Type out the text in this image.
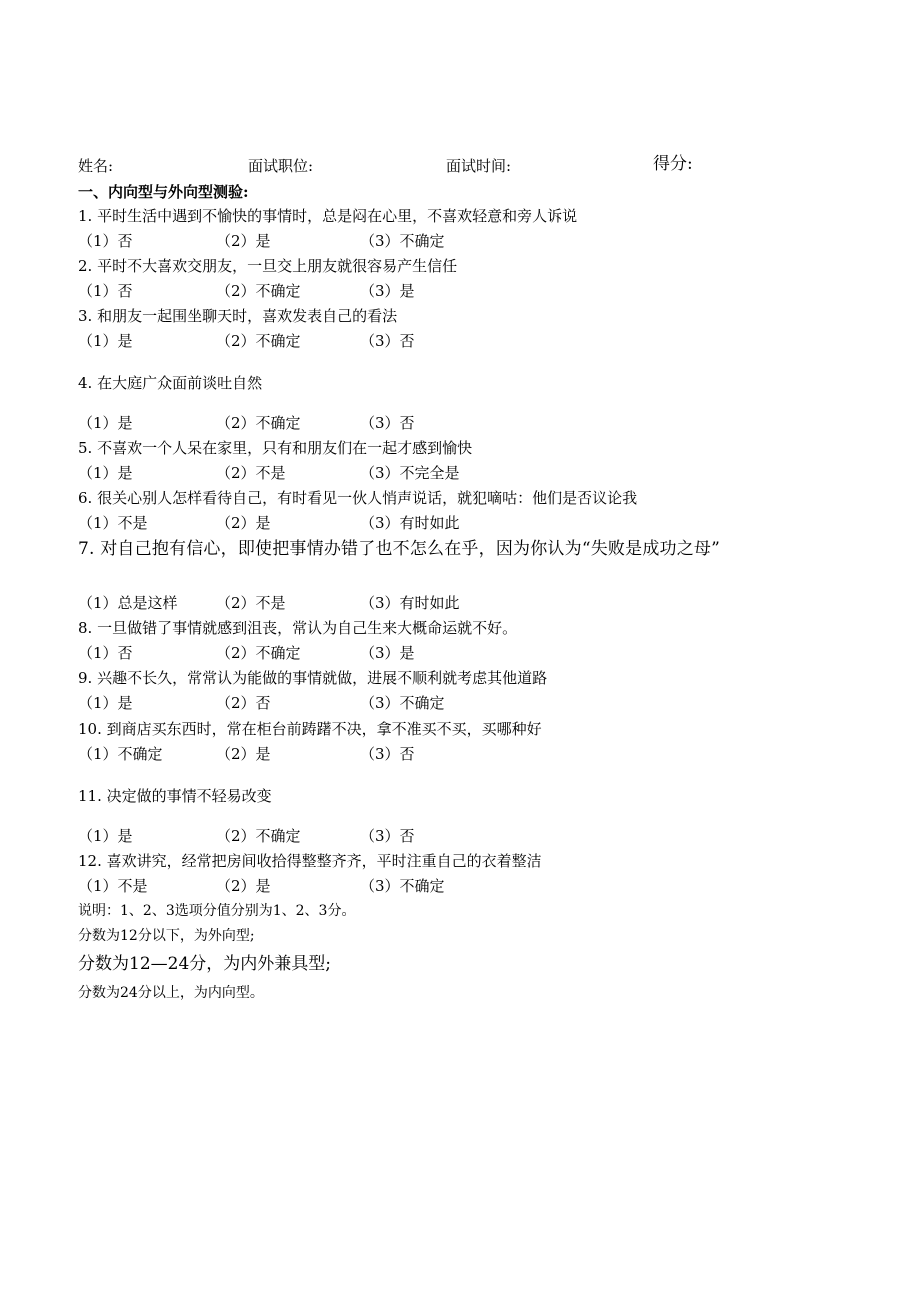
姓名:	面试职位:	面试时间:	得分:
一、内向型与外向型测验:
1. 平时生活中遇到不愉快的事情时，总是闷在心里，不喜欢轻意和旁人诉说
（1）否	（2）是	（3）不确定
2. 平时不大喜欢交朋友，一旦交上朋友就很容易产生信任
（1）否	（2）不确定	（3）是
3. 和朋友一起围坐聊天时，喜欢发表自己的看法
（1）是	（2）不确定	（3）否
4. 在大庭广众面前谈吐自然
（1）是	（2）不确定	（3）否
5. 不喜欢一个人呆在家里，只有和朋友们在一起才感到愉快
（1）是	（2）不是	（3）不完全是
6. 很关心别人怎样看待自己，有时看见一伙人悄声说话，就犯嘀咕：他们是否议论我
（1）不是	（2）是	（3）有时如此
7. 对自己抱有信心，即使把事情办错了也不怎么在乎，因为你认为“失败是成功之母”
（1）总是这样	（2）不是	（3）有时如此
8. 一旦做错了事情就感到沮丧，常认为自己生来大概命运就不好。
（1）否	（2）不确定	（3）是
9. 兴趣不长久，常常认为能做的事情就做，进展不顺利就考虑其他道路
（1）是	（2）否	（3）不确定
10. 到商店买东西时，常在柜台前踌躇不决，拿不准买不买，买哪种好
（1）不确定	（2）是	（3）否
11. 决定做的事情不轻易改变
（1）是	（2）不确定	（3）否
12. 喜欢讲究，经常把房间收拾得整整齐齐，平时注重自己的衣着整洁
（1）不是	（2）是	（3）不确定
说明：1、2、3选项分值分别为1、2、3分。
分数为12分以下，为外向型;
分数为12—24分，为内外兼具型;
分数为24分以上，为内向型。
